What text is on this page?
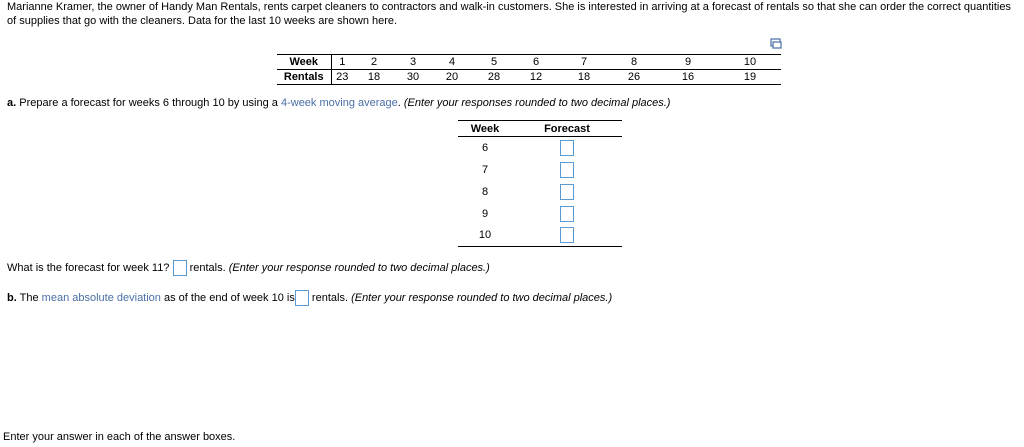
Marianne Kramer, the owner of Handy Man Rentals, rents carpet cleaners to contractors and walk-in customers. She is interested in arriving at a forecast of rentals so that she can order the correct quantities of supplies that go with the cleaners. Data for the last 10 weeks are shown here.

Week	1	2	3	4	5	6	7	8	9	10
Rentals	23	18	30	20	28	12	18	26	16	19

a. Prepare a forecast for weeks 6 through 10 by using a 4-week moving average. (Enter your responses rounded to two decimal places.)

Week	Forecast
6	
7	
8	
9	
10	

What is the forecast for week 11? rentals. (Enter your response rounded to two decimal places.)

b. The mean absolute deviation as of the end of week 10 is rentals. (Enter your response rounded to two decimal places.)

Enter your answer in each of the answer boxes.
